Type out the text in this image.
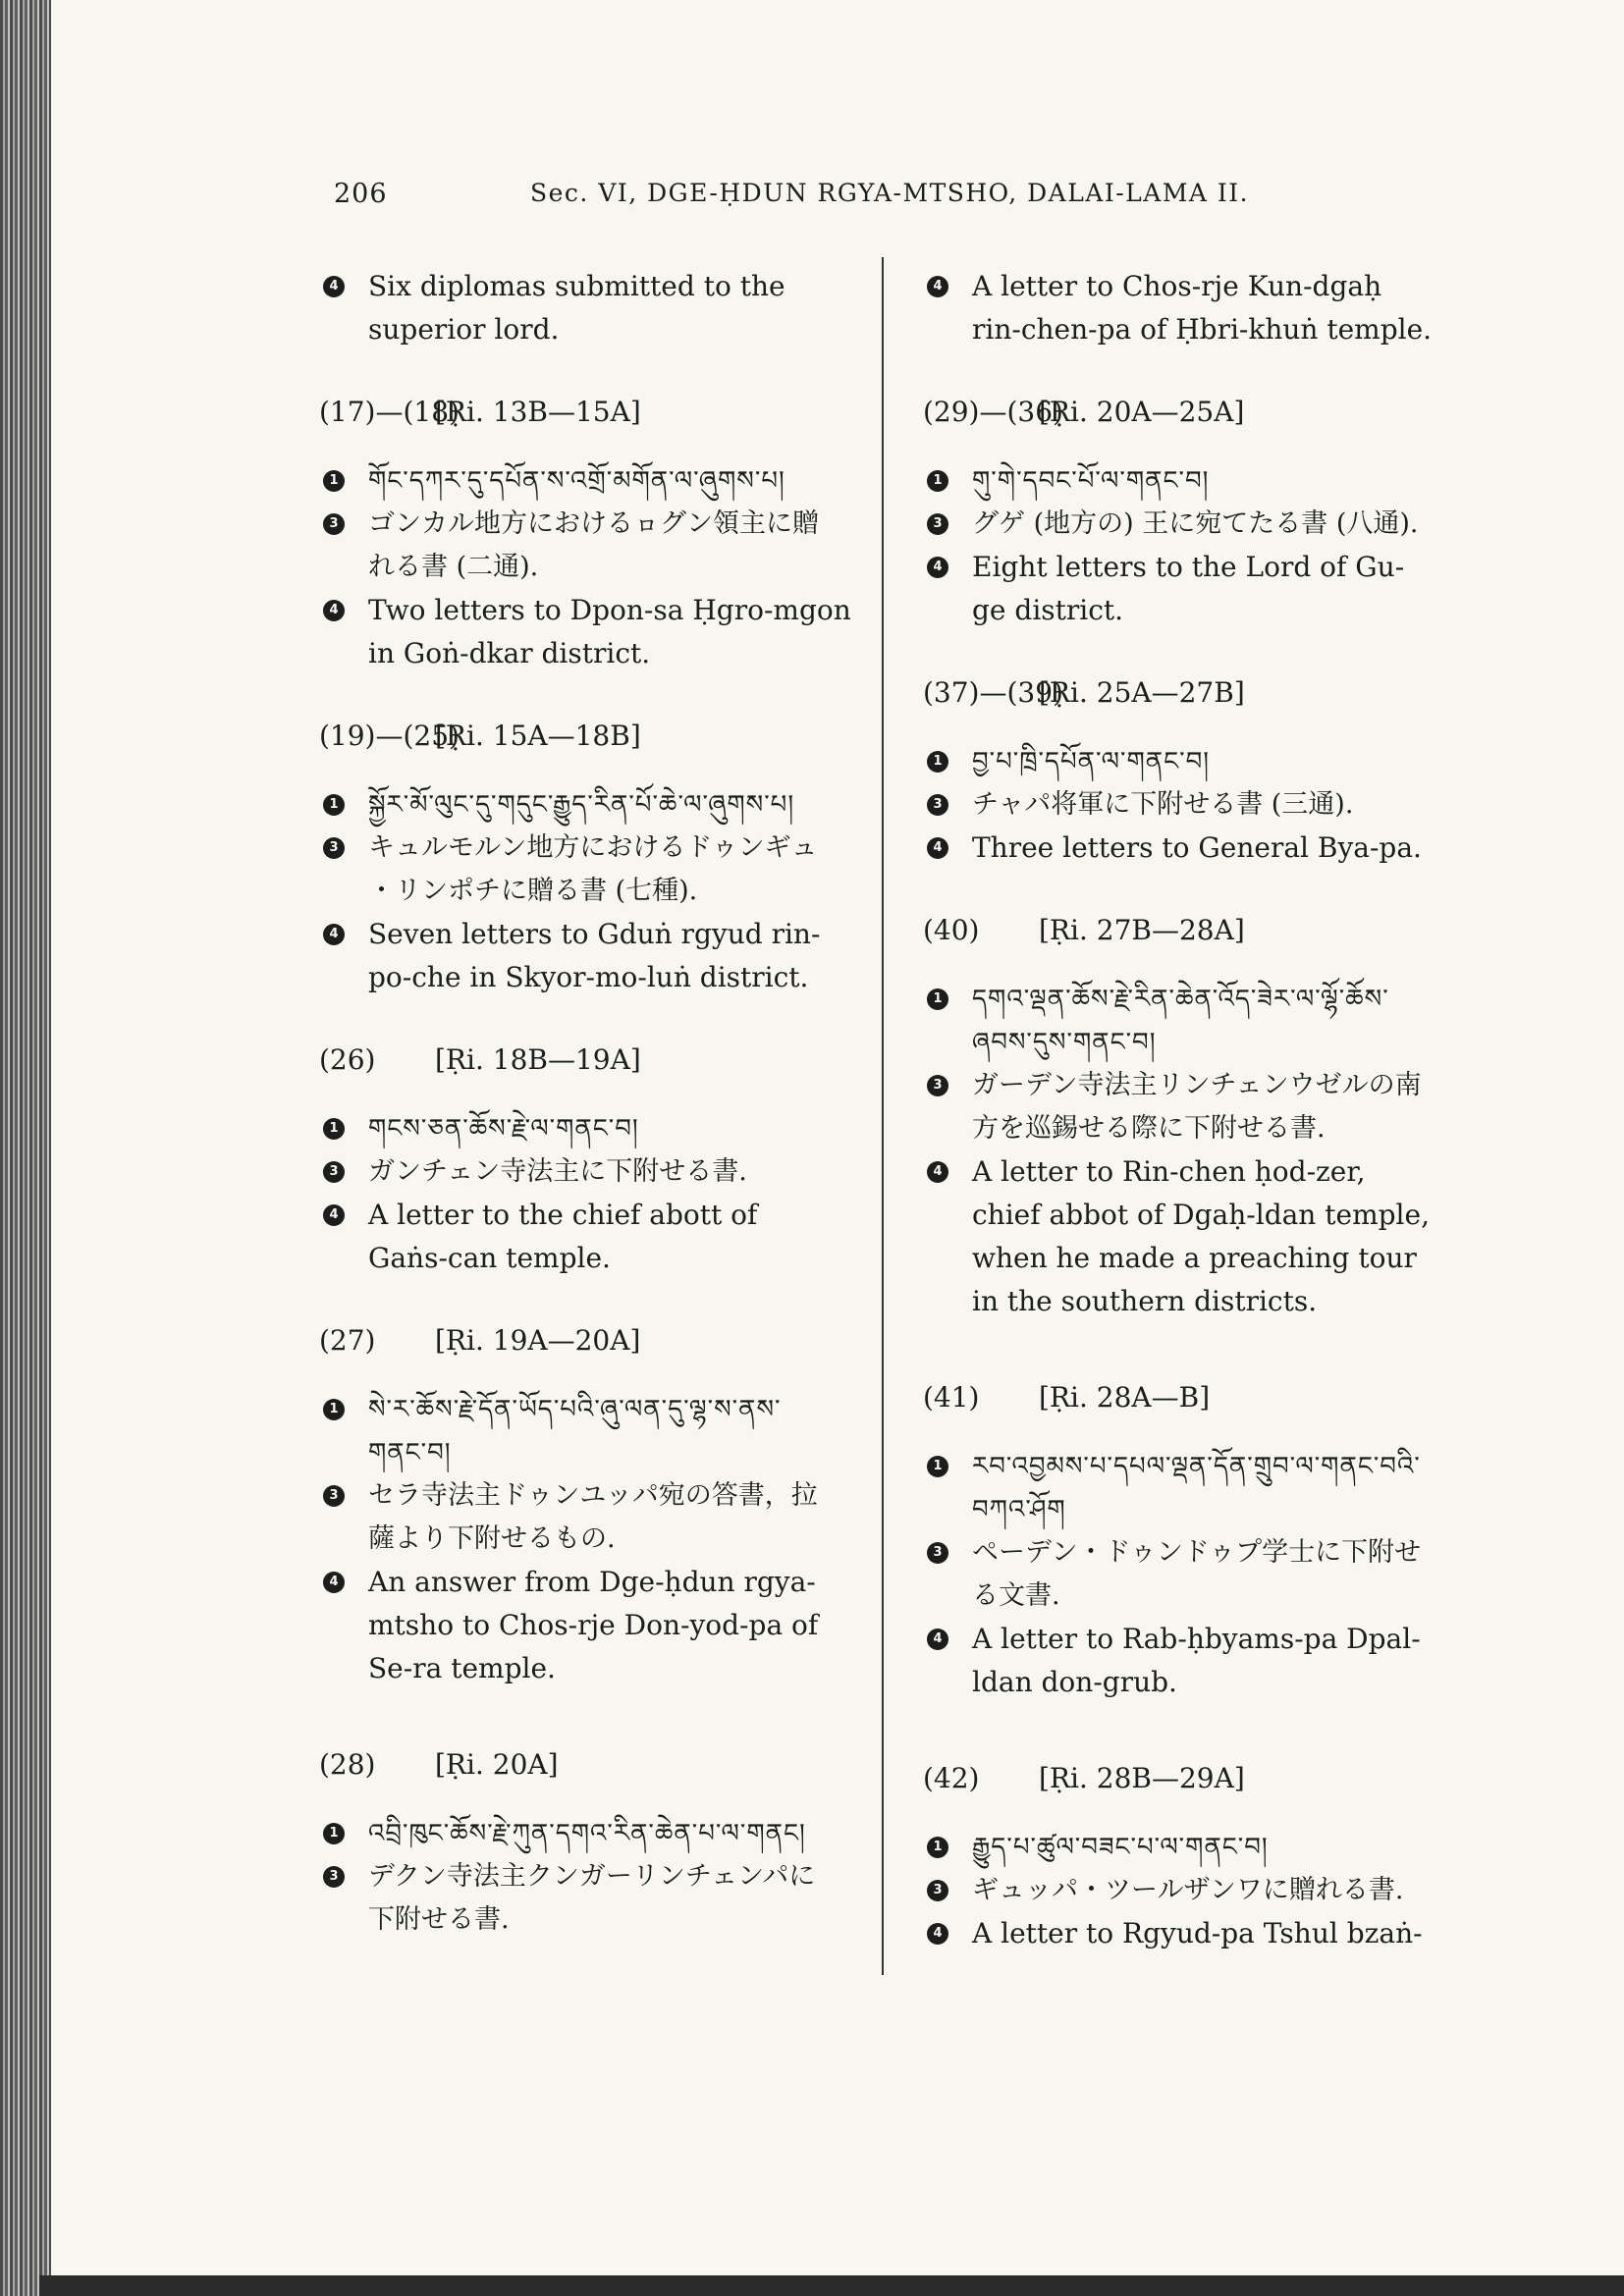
206	Sec. VI, DGE-ḤDUN RGYA-MTSHO, DALAI-LAMA II.
4 Six diplomas submitted to the
superior lord.
(17)—(18)
[Ṛi. 13B—15A]
1 གོང་དཀར་དུ་དཔོན་ས་འགྲོ་མགོན་ལ་ཞུགས་པ།
3 ゴンカル地方におけるㇿグン領主に贈
れる書 (二通).
4 Two letters to Dpon-sa Ḥgro-mgon
in Goṅ-dkar district.
(19)—(25)
[Ṛi. 15A—18B]
1 སྐྱོར་མོ་ལུང་དུ་གདུང་རྒྱུད་རིན་པོ་ཆེ་ལ་ཞུགས་པ།
3 キュルモルン地方におけるドゥンギュ
・リンポチに贈る書 (七種).
4 Seven letters to Gduṅ rgyud rin-
po-che in Skyor-mo-luṅ district.
(26) [Ṛi. 18B—19A]
1 གངས་ཅན་ཆོས་རྗེ་ལ་གནང་བ།
3 ガンチェン寺法主に下附せる書.
4 A letter to the chief abott of
Gaṅs-can temple.
(27) [Ṛi. 19A—20A]
1 སེ་ར་ཆོས་རྗེ་དོན་ཡོད་པའི་ཞུ་ལན་དུ་ལྷ་ས་ནས་
གནང་བ།
3 セラ寺法主ドゥンユッパ宛の答書，拉
薩より下附せるもの.
4 An answer from Dge-ḥdun rgya-
mtsho to Chos-rje Don-yod-pa of
Se-ra temple.
(28) [Ṛi. 20A]
1 འབྲི་ཁུང་ཆོས་རྗེ་ཀུན་དགའ་རིན་ཆེན་པ་ལ་གནང།
3 デクン寺法主クンガーリンチェンパに
下附せる書.
4 A letter to Chos-rje Kun-dgaḥ
rin-chen-pa of Ḥbri-khuṅ temple.
(29)—(36)
[Ṛi. 20A—25A]
1 གུ་གེ་དབང་པོ་ལ་གནང་བ།
3 グゲ (地方の) 王に宛てたる書 (八通).
4 Eight letters to the Lord of Gu-
ge district.
(37)—(39)
[Ṛi. 25A—27B]
1 བྱ་པ་ཁྲི་དཔོན་ལ་གནང་བ།
3 チャパ将軍に下附せる書 (三通).
4 Three letters to General Bya-pa.
(40) [Ṛi. 27B—28A]
1 དགའ་ལྡན་ཆོས་རྗེ་རིན་ཆེན་འོད་ཟེར་ལ་ལྷོ་ཆོས་
ཞབས་དུས་གནང་བ།
3 ガーデン寺法主リンチェンウゼルの南
方を巡錫せる際に下附せる書.
4 A letter to Rin-chen ḥod-zer,
chief abbot of Dgaḥ-ldan temple,
when he made a preaching tour
in the southern districts.
(41) [Ṛi. 28A—B]
1 རབ་འབྱམས་པ་དཔལ་ལྡན་དོན་གྲུབ་ལ་གནང་བའི་
བཀའ་ཤོག
3 ペーデン・ドゥンドゥプ学士に下附せ
る文書.
4 A letter to Rab-ḥbyams-pa Dpal-
ldan don-grub.
(42) [Ṛi. 28B—29A]
1 རྒྱུད་པ་ཚུལ་བཟང་པ་ལ་གནང་བ།
3 ギュッパ・ツールザンワに贈れる書.
4 A letter to Rgyud-pa Tshul bzaṅ-
